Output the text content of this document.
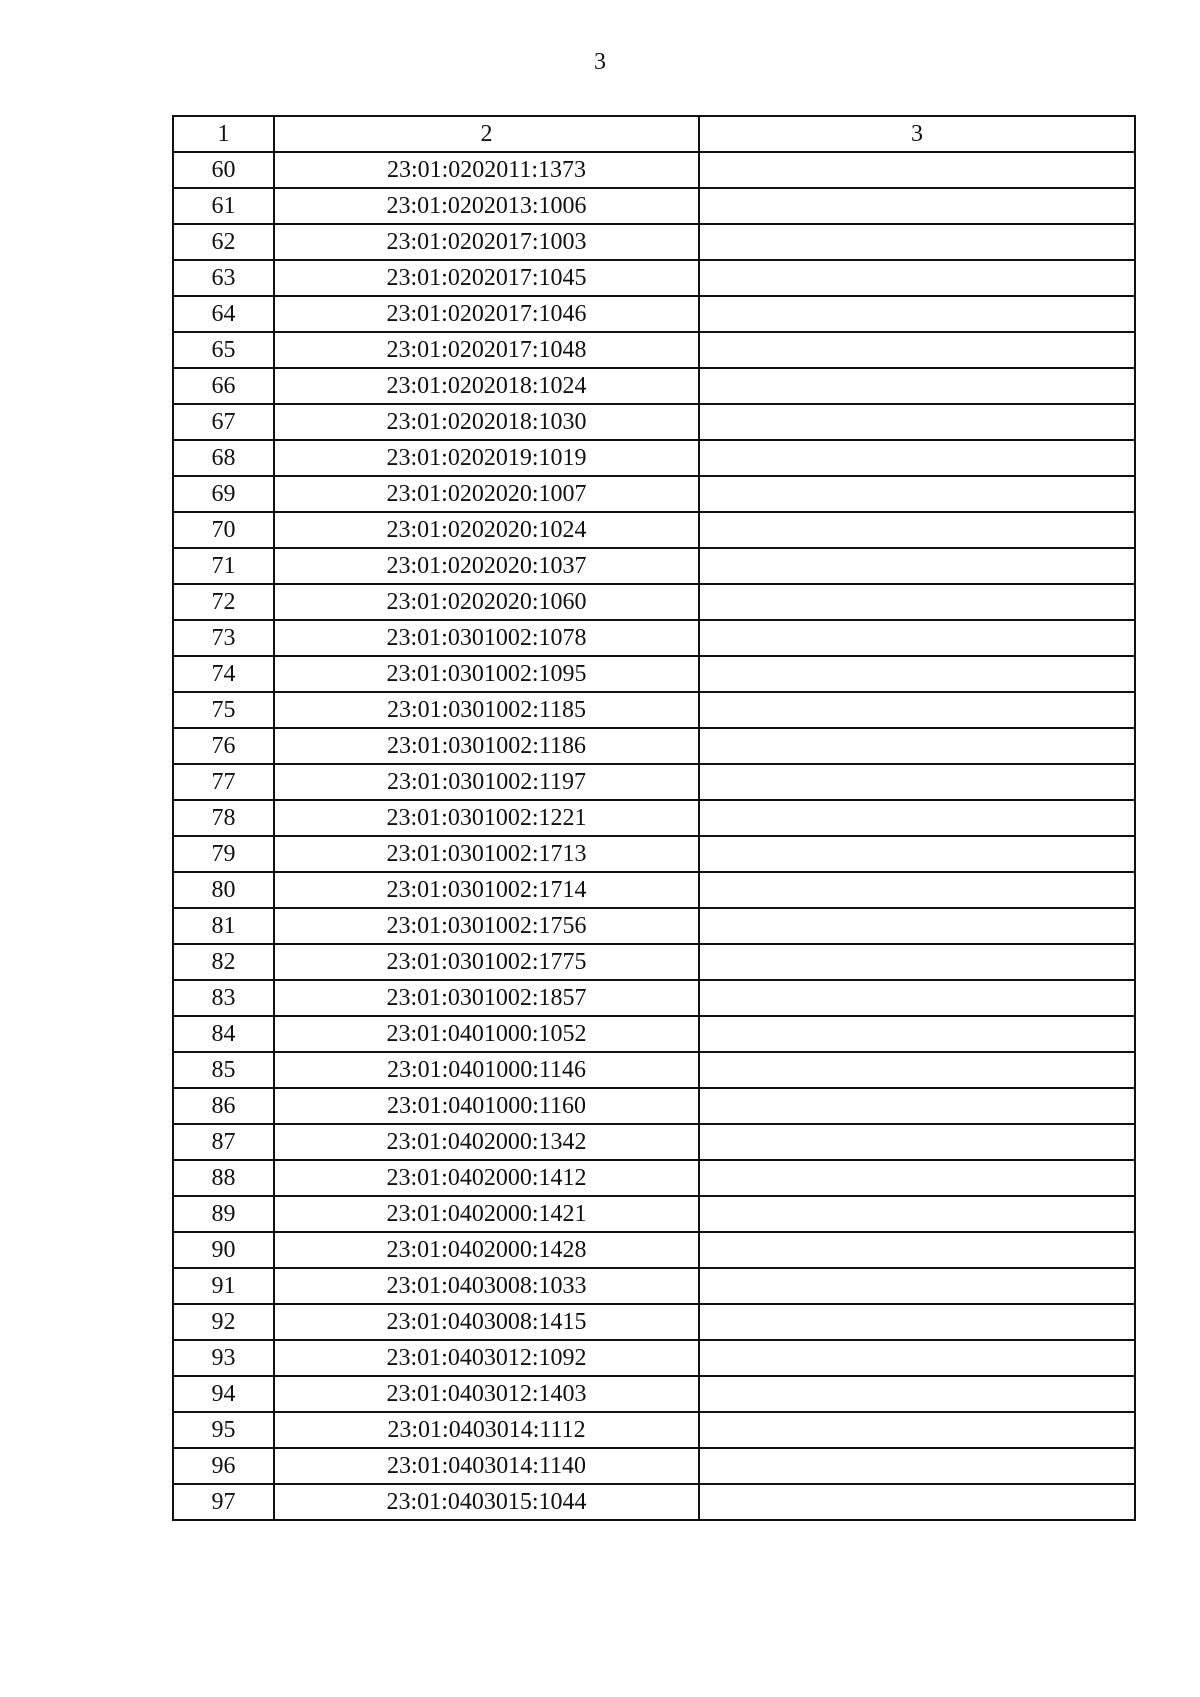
3
1	2	3
60	23:01:0202011:1373	
61	23:01:0202013:1006	
62	23:01:0202017:1003	
63	23:01:0202017:1045	
64	23:01:0202017:1046	
65	23:01:0202017:1048	
66	23:01:0202018:1024	
67	23:01:0202018:1030	
68	23:01:0202019:1019	
69	23:01:0202020:1007	
70	23:01:0202020:1024	
71	23:01:0202020:1037	
72	23:01:0202020:1060	
73	23:01:0301002:1078	
74	23:01:0301002:1095	
75	23:01:0301002:1185	
76	23:01:0301002:1186	
77	23:01:0301002:1197	
78	23:01:0301002:1221	
79	23:01:0301002:1713	
80	23:01:0301002:1714	
81	23:01:0301002:1756	
82	23:01:0301002:1775	
83	23:01:0301002:1857	
84	23:01:0401000:1052	
85	23:01:0401000:1146	
86	23:01:0401000:1160	
87	23:01:0402000:1342	
88	23:01:0402000:1412	
89	23:01:0402000:1421	
90	23:01:0402000:1428	
91	23:01:0403008:1033	
92	23:01:0403008:1415	
93	23:01:0403012:1092	
94	23:01:0403012:1403	
95	23:01:0403014:1112	
96	23:01:0403014:1140	
97	23:01:0403015:1044	
